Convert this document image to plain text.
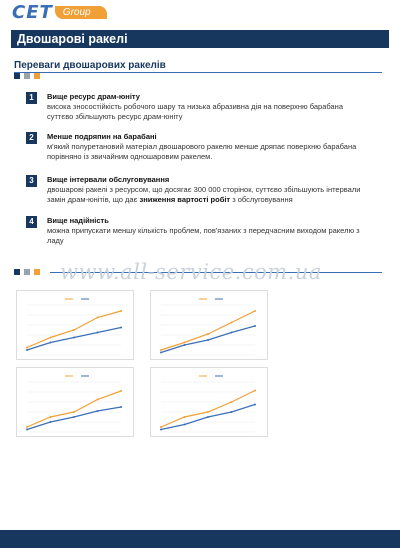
CET	Group
Двошарові ракелі
Переваги двошарових ракелів
1	Вище ресурс драм-юніту
висока зносостійкість робочого шару та низька абразивна дія на поверхню барабана суттєво збільшують ресурс драм-юніту
2	Менше подряпин на барабані
м'який полуретановий матеріал двошарового ракелю менше дряпає поверхню барабана порівняно із звичайним одношаровим ракелем.
3	Вище інтервали обслуговування
двошарові ракелі з ресурсом, що досягає 300 000 сторінок, суттєво збільшують інтервали замін драм-юнітів, що дає зниження вартості робіт з обслуговування
4	Вище надійність
можна припускати меншу кількість проблем, пов'язаних з передчасним виходом ракелю з ладу
www.all-service.com.ua
